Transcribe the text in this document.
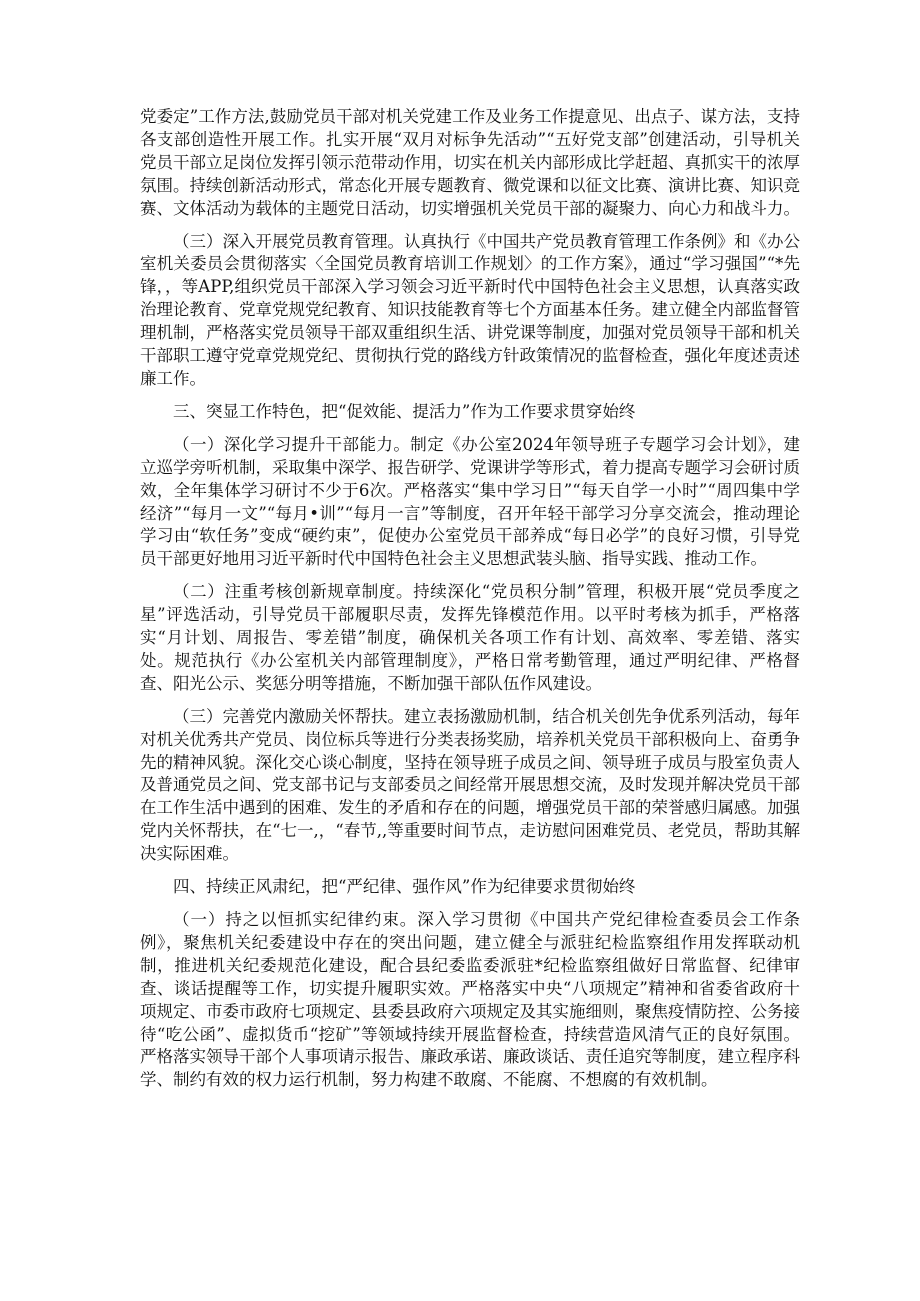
党委定”工作方法,鼓励党员干部对机关党建工作及业务工作提意见、出点子、谋方法，支持各支部创造性开展工作。扎实开展“双月对标争先活动”“五好党支部”创建活动，引导机关党员干部立足岗位发挥引领示范带动作用，切实在机关内部形成比学赶超、真抓实干的浓厚氛围。持续创新活动形式，常态化开展专题教育、微党课和以征文比赛、演讲比赛、知识竞赛、文体活动为载体的主题党日活动，切实增强机关党员干部的凝聚力、向心力和战斗力。

（三）深入开展党员教育管理。认真执行《中国共产党员教育管理工作条例》和《办公室机关委员会贯彻落实〈全国党员教育培训工作规划〉的工作方案》，通过“学习强国”“*先锋，，等APP,组织党员干部深入学习领会习近平新时代中国特色社会主义思想，认真落实政治理论教育、党章党规党纪教育、知识技能教育等七个方面基本任务。建立健全内部监督管理机制，严格落实党员领导干部双重组织生活、讲党课等制度，加强对党员领导干部和机关干部职工遵守党章党规党纪、贯彻执行党的路线方针政策情况的监督检查，强化年度述责述廉工作。

三、突显工作特色，把“促效能、提活力”作为工作要求贯穿始终

（一）深化学习提升干部能力。制定《办公室2024年领导班子专题学习会计划》，建立巡学旁听机制，采取集中深学、报告研学、党课讲学等形式，着力提高专题学习会研讨质效，全年集体学习研讨不少于6次。严格落实“集中学习日”“每天自学一小时”“周四集中学经济”“每月一文”“每月•训”“每月一言”等制度，召开年轻干部学习分享交流会，推动理论学习由“软任务”变成“硬约束”，促使办公室党员干部养成“每日必学”的良好习惯，引导党员干部更好地用习近平新时代中国特色社会主义思想武装头脑、指导实践、推动工作。

（二）注重考核创新规章制度。持续深化“党员积分制”管理，积极开展“党员季度之星”评选活动，引导党员干部履职尽责，发挥先锋模范作用。以平时考核为抓手，严格落实“月计划、周报告、零差错”制度，确保机关各项工作有计划、高效率、零差错、落实处。规范执行《办公室机关内部管理制度》，严格日常考勤管理，通过严明纪律、严格督查、阳光公示、奖惩分明等措施，不断加强干部队伍作风建设。

（三）完善党内激励关怀帮扶。建立表扬激励机制，结合机关创先争优系列活动，每年对机关优秀共产党员、岗位标兵等进行分类表扬奖励，培养机关党员干部积极向上、奋勇争先的精神风貌。深化交心谈心制度，坚持在领导班子成员之间、领导班子成员与股室负责人及普通党员之间、党支部书记与支部委员之间经常开展思想交流，及时发现并解决党员干部在工作生活中遇到的困难、发生的矛盾和存在的问题，增强党员干部的荣誉感归属感。加强党内关怀帮扶，在“七一,，“春节,,等重要时间节点，走访慰问困难党员、老党员，帮助其解决实际困难。

四、持续正风肃纪，把“严纪律、强作风”作为纪律要求贯彻始终

（一）持之以恒抓实纪律约束。深入学习贯彻《中国共产党纪律检查委员会工作条例》，聚焦机关纪委建设中存在的突出问题，建立健全与派驻纪检监察组作用发挥联动机制，推进机关纪委规范化建设，配合县纪委监委派驻*纪检监察组做好日常监督、纪律审查、谈话提醒等工作，切实提升履职实效。严格落实中央“八项规定”精神和省委省政府十项规定、市委市政府七项规定、县委县政府六项规定及其实施细则，聚焦疫情防控、公务接待“吃公函”、虚拟货币“挖矿”等领域持续开展监督检查，持续营造风清气正的良好氛围。严格落实领导干部个人事项请示报告、廉政承诺、廉政谈话、责任追究等制度，建立程序科学、制约有效的权力运行机制，努力构建不敢腐、不能腐、不想腐的有效机制。
